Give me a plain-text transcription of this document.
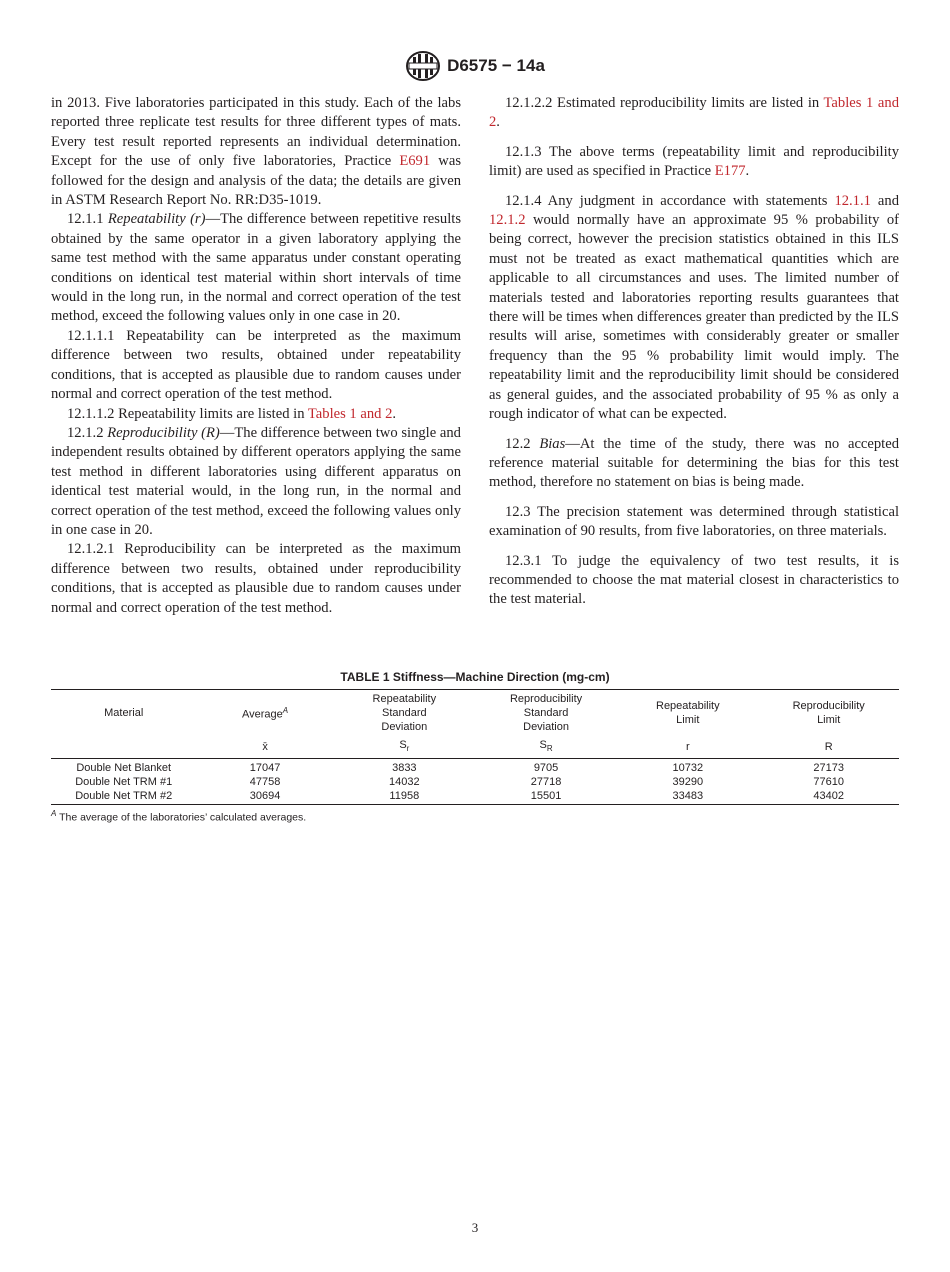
D6575 − 14a

in 2013. Five laboratories participated in this study. Each of the labs reported three replicate test results for three different types of mats. Every test result reported represents an individual determination. Except for the use of only five laboratories, Practice E691 was followed for the design and analysis of the data; the details are given in ASTM Research Report No. RR:D35-1019.

12.1.1 Repeatability (r)—The difference between repetitive results obtained by the same operator in a given laboratory applying the same test method with the same apparatus under constant operating conditions on identical test material within short intervals of time would in the long run, in the normal and correct operation of the test method, exceed the following values only in one case in 20.

12.1.1.1 Repeatability can be interpreted as the maximum difference between two results, obtained under repeatability conditions, that is accepted as plausible due to random causes under normal and correct operation of the test method.

12.1.1.2 Repeatability limits are listed in Tables 1 and 2.

12.1.2 Reproducibility (R)—The difference between two single and independent results obtained by different operators applying the same test method in different laboratories using different apparatus on identical test material would, in the long run, in the normal and correct operation of the test method, exceed the following values only in one case in 20.

12.1.2.1 Reproducibility can be interpreted as the maximum difference between two results, obtained under reproducibility conditions, that is accepted as plausible due to random causes under normal and correct operation of the test method.

12.1.2.2 Estimated reproducibility limits are listed in Tables 1 and 2.

12.1.3 The above terms (repeatability limit and reproducibility limit) are used as specified in Practice E177.

12.1.4 Any judgment in accordance with statements 12.1.1 and 12.1.2 would normally have an approximate 95 % probability of being correct, however the precision statistics obtained in this ILS must not be treated as exact mathematical quantities which are applicable to all circumstances and uses. The limited number of materials tested and laboratories reporting results guarantees that there will be times when differences greater than predicted by the ILS results will arise, sometimes with considerably greater or smaller frequency than the 95 % probability limit would imply. The repeatability limit and the reproducibility limit should be considered as general guides, and the associated probability of 95 % as only a rough indicator of what can be expected.

12.2 Bias—At the time of the study, there was no accepted reference material suitable for determining the bias for this test method, therefore no statement on bias is being made.

12.3 The precision statement was determined through statistical examination of 90 results, from five laboratories, on three materials.

12.3.1 To judge the equivalency of two test results, it is recommended to choose the mat material closest in characteristics to the test material.

TABLE 1 Stiffness—Machine Direction (mg-cm)
Material	Average$^A$	Repeatability Standard Deviation	Reproducibility Standard Deviation	Repeatability Limit	Reproducibility Limit

	x̄	$S_r$	$S_R$	r	R
Double Net Blanket	17047	3833	9705	10732	27173
Double Net TRM #1	47758	14032	27718	39290	77610
Double Net TRM #2	30694	11958	15501	33483	43402
$^A$ The average of the laboratories’ calculated averages.
3
